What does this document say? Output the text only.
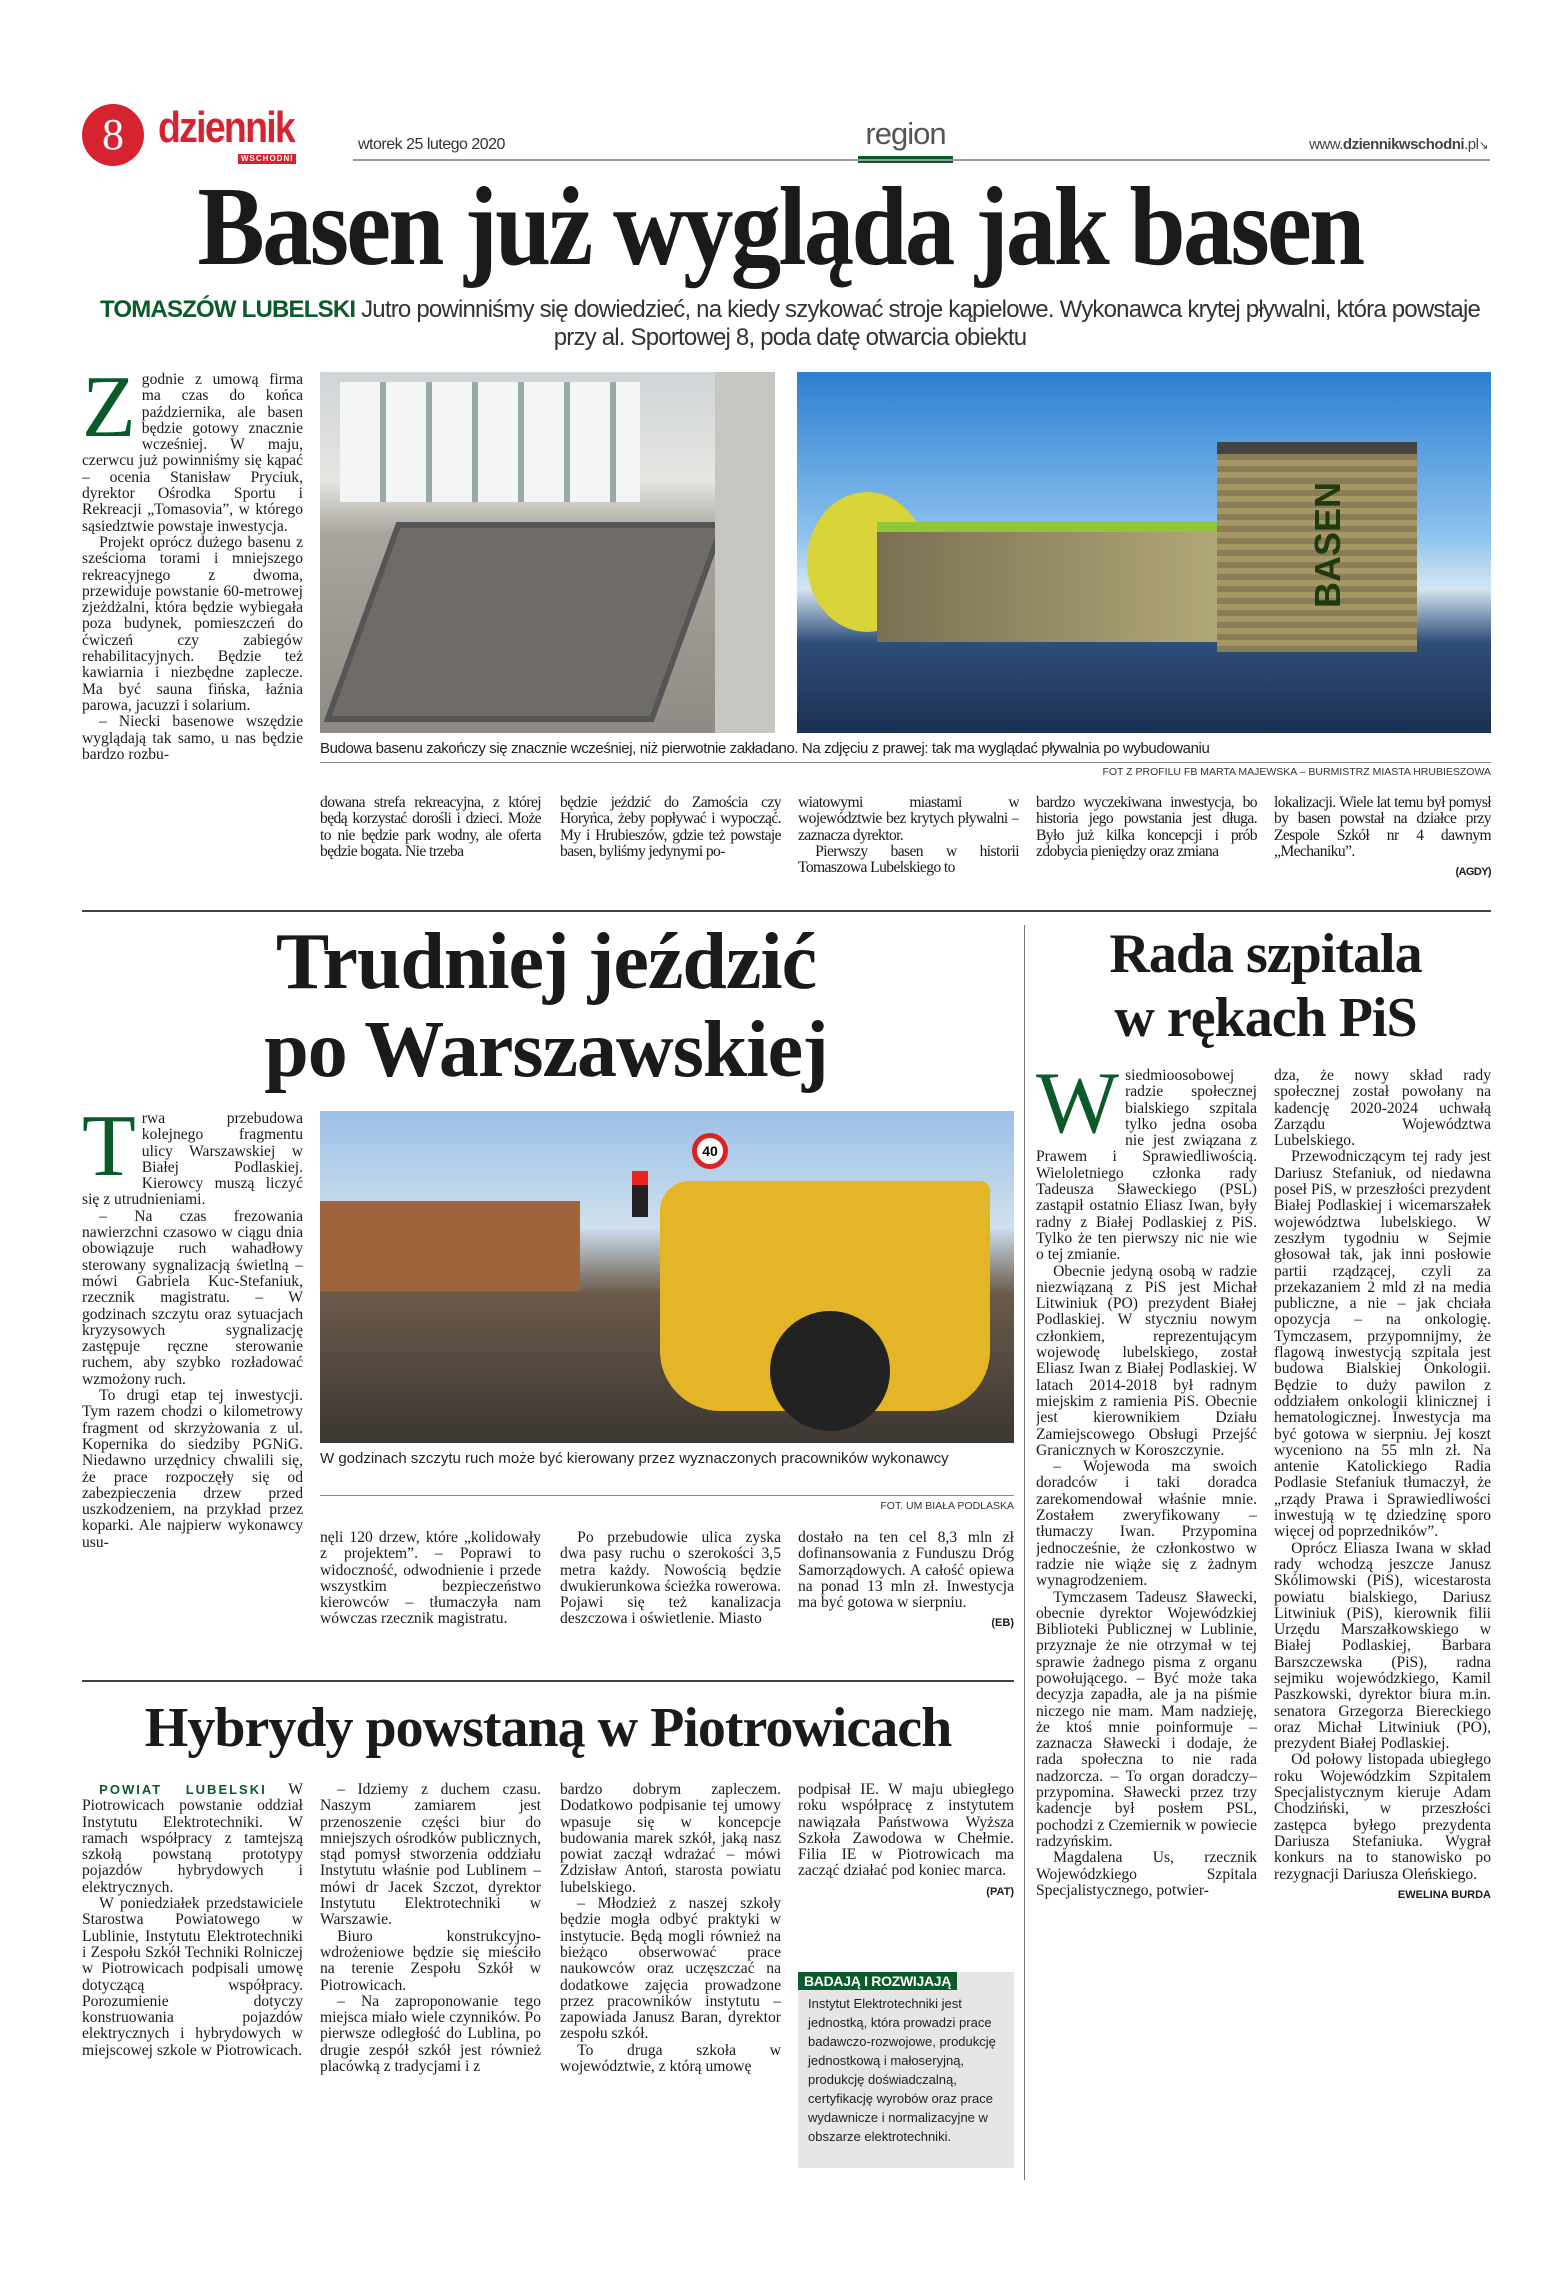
8 dziennik
WSCHODNI
wtorek 25 lutego 2020	region	www.dziennikwschodni.pl↘
Basen już wygląda jak basen
TOMASZÓW LUBELSKI Jutro powinniśmy się dowiedzieć, na kiedy szykować stroje kąpielowe. Wykonawca krytej pływalni, która powstaje przy al. Sportowej 8, poda datę otwarcia obiektu

Zgodnie z umową firma ma czas do końca października, ale basen będzie gotowy znacznie wcześniej. W maju, czerwcu już powinniśmy się kąpać – ocenia Stanisław Pryciuk, dyrektor Ośrodka Sportu i Rekreacji „Tomasovia”, w którego sąsiedztwie powstaje inwestycja.

Projekt oprócz dużego basenu z sześcioma torami i mniejszego rekreacyjnego z dwoma, przewiduje powstanie 60-metrowej zjeżdżalni, która będzie wybiegała poza budynek, pomieszczeń do ćwiczeń czy zabiegów rehabilitacyjnych. Będzie też kawiarnia i niezbędne zaplecze. Ma być sauna fińska, łaźnia parowa, jacuzzi i solarium.

– Niecki basenowe wszędzie wyglądają tak samo, u nas będzie bardzo rozbu-

BASEN
Budowa basenu zakończy się znacznie wcześniej, niż pierwotnie zakładano. Na zdjęciu z prawej: tak ma wyglądać pływalnia po wybudowaniu
FOT Z PROFILU FB MARTA MAJEWSKA – BURMISTRZ MIASTA HRUBIESZOWA

dowana strefa rekreacyjna, z której będą korzystać dorośli i dzieci. Może to nie będzie park wodny, ale oferta będzie bogata. Nie trzeba

będzie jeździć do Zamościa czy Horyńca, żeby popływać i wypocząć. My i Hrubieszów, gdzie też powstaje basen, byliśmy jedynymi po-

wiatowymi miastami w województwie bez krytych pływalni – zaznacza dyrektor.

Pierwszy basen w historii Tomaszowa Lubelskiego to

bardzo wyczekiwana inwestycja, bo historia jego powstania jest długa. Było już kilka koncepcji i prób zdobycia pieniędzy oraz zmiana

lokalizacji. Wiele lat temu był pomysł by basen powstał na działce przy Zespole Szkół nr 4 dawnym „Mechaniku”.

(AGDY)
Trudniej jeździć
po Warszawskiej

Trwa przebudowa kolejnego fragmentu ulicy Warszawskiej w Białej Podlaskiej. Kierowcy muszą liczyć się z utrudnieniami.

– Na czas frezowania nawierzchni czasowo w ciągu dnia obowiązuje ruch wahadłowy sterowany sygnalizacją świetlną – mówi Gabriela Kuc-Stefaniuk, rzecznik magistratu. – W godzinach szczytu oraz sytuacjach kryzysowych sygnalizację zastępuje ręczne sterowanie ruchem, aby szybko rozładować wzmożony ruch.

To drugi etap tej inwestycji. Tym razem chodzi o kilometrowy fragment od skrzyżowania z ul. Kopernika do siedziby PGNiG. Niedawno urzędnicy chwalili się, że prace rozpoczęły się od zabezpieczenia drzew przed uszkodzeniem, na przykład przez koparki. Ale najpierw wykonawcy usu-

40
W godzinach szczytu ruch może być kierowany przez wyznaczonych pracowników wykonawcy
FOT. UM BIAŁA PODLASKA

nęli 120 drzew, które „kolidowały z projektem”. – Poprawi to widoczność, odwodnienie i przede wszystkim bezpieczeństwo kierowców – tłumaczyła nam wówczas rzecznik magistratu.

Po przebudowie ulica zyska dwa pasy ruchu o szerokości 3,5 metra każdy. Nowością będzie dwukierunkowa ścieżka rowerowa. Pojawi się też kanalizacja deszczowa i oświetlenie. Miasto

dostało na ten cel 8,3 mln zł dofinansowania z Funduszu Dróg Samorządowych. A całość opiewa na ponad 13 mln zł. Inwestycja ma być gotowa w sierpniu.

(EB)
Rada szpitala
w rękach PiS

Wsiedmioosobowej radzie społecznej bialskiego szpitala tylko jedna osoba nie jest związana z Prawem i Sprawiedliwością. Wieloletniego członka rady Tadeusza Sławeckiego (PSL) zastąpił ostatnio Eliasz Iwan, były radny z Białej Podlaskiej z PiS. Tylko że ten pierwszy nic nie wie o tej zmianie.

Obecnie jedyną osobą w radzie niezwiązaną z PiS jest Michał Litwiniuk (PO) prezydent Białej Podlaskiej. W styczniu nowym członkiem, reprezentującym wojewodę lubelskiego, został Eliasz Iwan z Białej Podlaskiej. W latach 2014-2018 był radnym miejskim z ramienia PiS. Obecnie jest kierownikiem Działu Zamiejscowego Obsługi Przejść Granicznych w Koroszczynie.

– Wojewoda ma swoich doradców i taki doradca zarekomendował właśnie mnie. Zostałem zweryfikowany – tłumaczy Iwan. Przypomina jednocześnie, że członkostwo w radzie nie wiąże się z żadnym wynagrodzeniem.

Tymczasem Tadeusz Sławecki, obecnie dyrektor Wojewódzkiej Biblioteki Publicznej w Lublinie, przyznaje że nie otrzymał w tej sprawie żadnego pisma z organu powołującego. – Być może taka decyzja zapadła, ale ja na piśmie niczego nie mam. Mam nadzieję, że ktoś mnie poinformuje – zaznacza Sławecki i dodaje, że rada społeczna to nie rada nadzorcza. – To organ doradczy– przypomina. Sławecki przez trzy kadencje był posłem PSL, pochodzi z Czemiernik w powiecie radzyńskim.

Magdalena Us, rzecznik Wojewódzkiego Szpitala Specjalistycznego, potwier-

dza, że nowy skład rady społecznej został powołany na kadencję 2020-2024 uchwałą Zarządu Województwa Lubelskiego.

Przewodniczącym tej rady jest Dariusz Stefaniuk, od niedawna poseł PiS, w przeszłości prezydent Białej Podlaskiej i wicemarszałek województwa lubelskiego. W zeszłym tygodniu w Sejmie głosował tak, jak inni posłowie partii rządzącej, czyli za przekazaniem 2 mld zł na media publiczne, a nie – jak chciała opozycja – na onkologię. Tymczasem, przypomnijmy, że flagową inwestycją szpitala jest budowa Bialskiej Onkologii. Będzie to duży pawilon z oddziałem onkologii klinicznej i hematologicznej. Inwestycja ma być gotowa w sierpniu. Jej koszt wyceniono na 55 mln zł. Na antenie Katolickiego Radia Podlasie Stefaniuk tłumaczył, że „rządy Prawa i Sprawiedliwości inwestują w tę dziedzinę sporo więcej od poprzedników”.

Oprócz Eliasza Iwana w skład rady wchodzą jeszcze Janusz Skólimowski (PiS), wicestarosta powiatu bialskiego, Dariusz Litwiniuk (PiS), kierownik filii Urzędu Marszałkowskiego w Białej Podlaskiej, Barbara Barszczewska (PiS), radna sejmiku wojewódzkiego, Kamil Paszkowski, dyrektor biura m.in. senatora Grzegorza Biereckiego oraz Michał Litwiniuk (PO), prezydent Białej Podlaskiej.

Od połowy listopada ubiegłego roku Wojewódzkim Szpitalem Specjalistycznym kieruje Adam Chodziński, w przeszłości zastępca byłego prezydenta Dariusza Stefaniuka. Wygrał konkurs na to stanowisko po rezygnacji Dariusza Oleńskiego.

EWELINA BURDA
Hybrydy powstaną w Piotrowicach

POWIAT LUBELSKI W Piotrowicach powstanie oddział Instytutu Elektrotechniki. W ramach współpracy z tamtejszą szkołą powstaną prototypy pojazdów hybrydowych i elektrycznych.

W poniedziałek przedstawiciele Starostwa Powiatowego w Lublinie, Instytutu Elektrotechniki i Zespołu Szkół Techniki Rolniczej w Piotrowicach podpisali umowę dotyczącą współpracy. Porozumienie dotyczy konstruowania pojazdów elektrycznych i hybrydowych w miejscowej szkole w Piotrowicach.

– Idziemy z duchem czasu. Naszym zamiarem jest przenoszenie części biur do mniejszych ośrodków publicznych, stąd pomysł stworzenia oddziału Instytutu właśnie pod Lublinem – mówi dr Jacek Szczot, dyrektor Instytutu Elektrotechniki w Warszawie.

Biuro konstrukcyjno-wdrożeniowe będzie się mieściło na terenie Zespołu Szkół w Piotrowicach.

– Na zaproponowanie tego miejsca miało wiele czynników. Po pierwsze odległość do Lublina, po drugie zespół szkół jest również placówką z tradycjami i z

bardzo dobrym zapleczem. Dodatkowo podpisanie tej umowy wpasuje się w koncepcje budowania marek szkół, jaką nasz powiat zaczął wdrażać – mówi Zdzisław Antoń, starosta powiatu lubelskiego.

– Młodzież z naszej szkoły będzie mogła odbyć praktyki w instytucie. Będą mogli również na bieżąco obserwować prace naukowców oraz uczęszczać na dodatkowe zajęcia prowadzone przez pracowników instytutu – zapowiada Janusz Baran, dyrektor zespołu szkół.

To druga szkoła w województwie, z którą umowę

podpisał IE. W maju ubiegłego roku współpracę z instytutem nawiązała Państwowa Wyższa Szkoła Zawodowa w Chełmie. Filia IE w Piotrowicach ma zacząć działać pod koniec marca.

(PAT)
BADAJĄ I ROZWIJAJĄ
Instytut Elektrotechniki jest jednostką, która prowadzi prace badawczo-rozwojowe, produkcję jednostkową i małoseryjną, produkcję doświadczalną, certyfikację wyrobów oraz prace wydawnicze i normalizacyjne w obszarze elektrotechniki.
